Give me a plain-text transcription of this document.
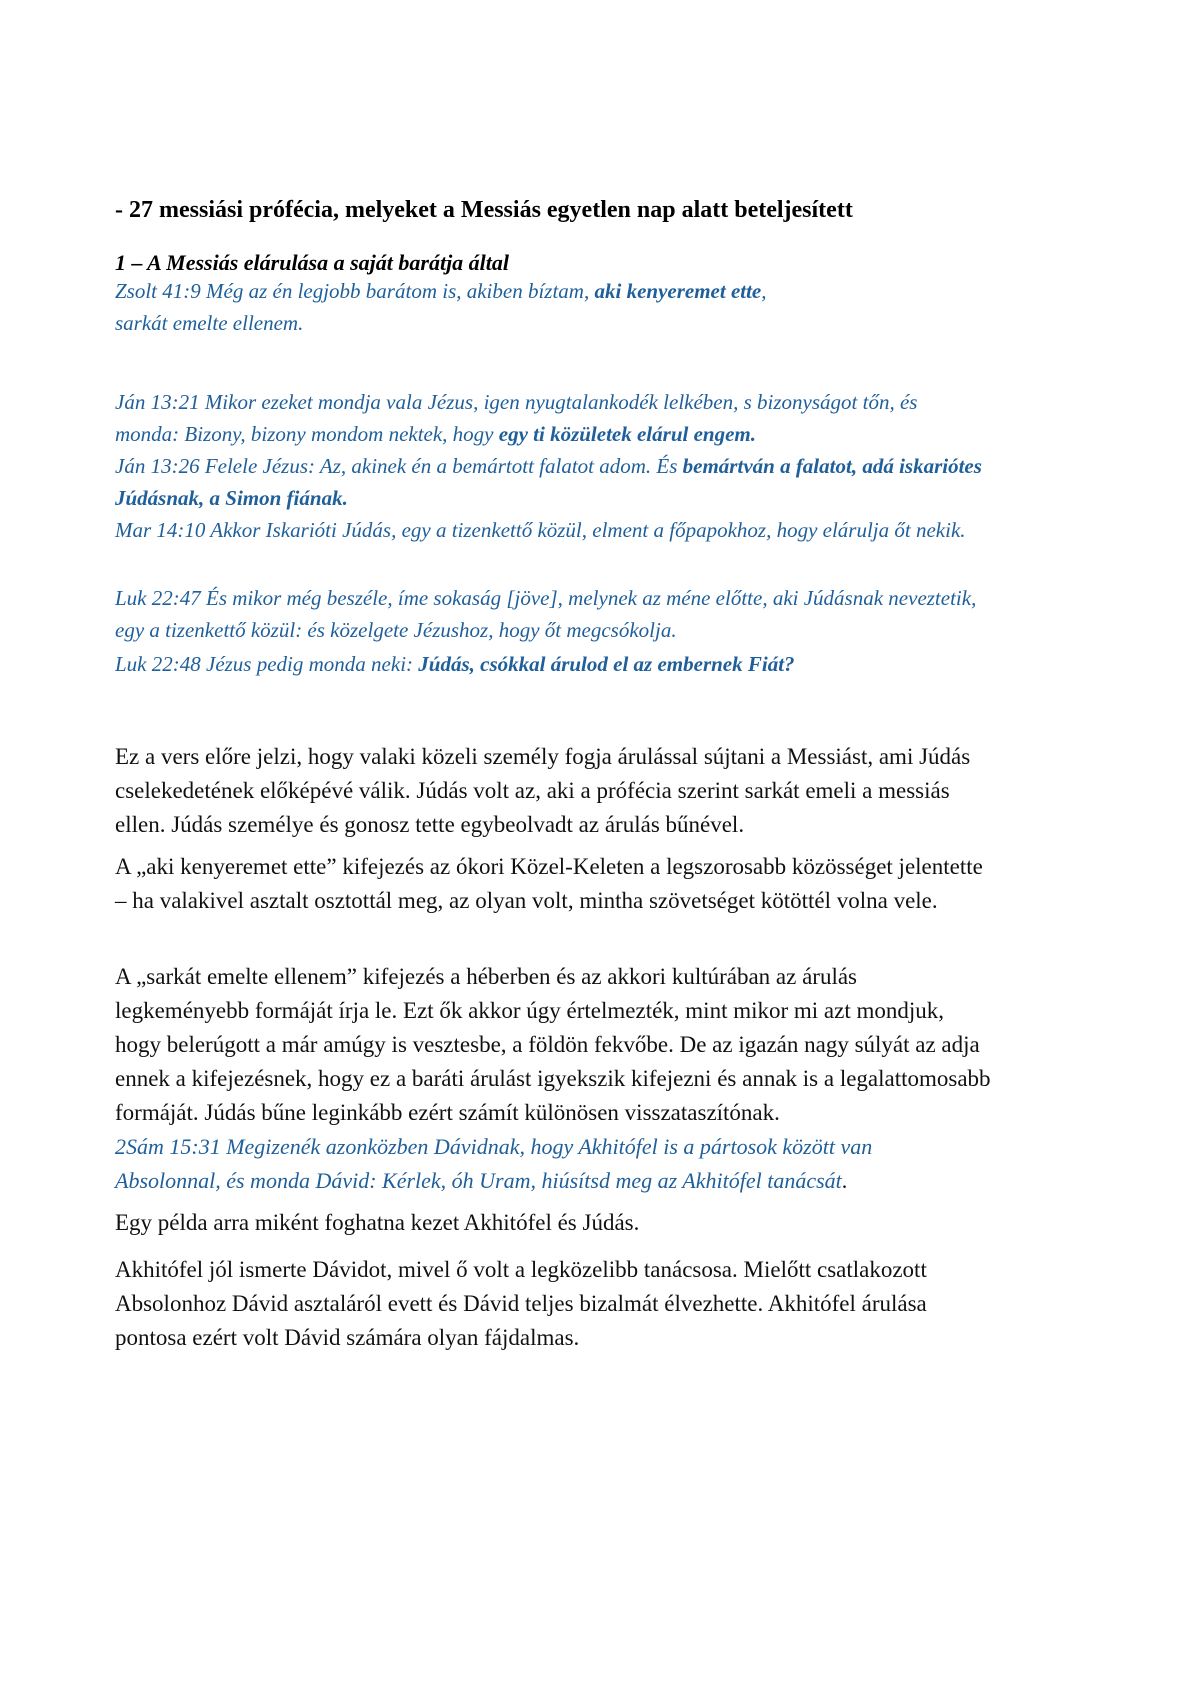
- 27 messiási prófécia, melyeket a Messiás egyetlen nap alatt beteljesített
1 – A Messiás elárulása a saját barátja által
Zsolt 41:9 Még az én legjobb barátom is, akiben bíztam, aki kenyeremet ette, sarkát emelte ellenem.
Ján 13:21 Mikor ezeket mondja vala Jézus, igen nyugtalankodék lelkében, s bizonyságot tőn, és monda: Bizony, bizony mondom nektek, hogy egy ti közületek elárul engem.
Ján 13:26 Felele Jézus: Az, akinek én a bemártott falatot adom. És bemártván a falatot, adá iskariótes Júdásnak, a Simon fiának.
Mar 14:10 Akkor Iskarióti Júdás, egy a tizenkettő közül, elment a főpapokhoz, hogy elárulja őt nekik.
Luk 22:47 És mikor még beszéle, íme sokaság [jöve], melynek az méne előtte, aki Júdásnak neveztetik, egy a tizenkettő közül: és közelgete Jézushoz, hogy őt megcsókolja.
Luk 22:48 Jézus pedig monda neki: Júdás, csókkal árulod el az embernek Fiát?
Ez a vers előre jelzi, hogy valaki közeli személy fogja árulással sújtani a Messiást, ami Júdás cselekedetének előképévé válik. Júdás volt az, aki a prófécia szerint sarkát emeli a messiás ellen. Júdás személye és gonosz tette egybeolvadt az árulás bűnével.
A „aki kenyeremet ette” kifejezés az ókori Közel-Keleten a legszorosabb közösséget jelentette – ha valakivel asztalt osztottál meg, az olyan volt, mintha szövetséget kötöttél volna vele.
A „sarkát emelte ellenem” kifejezés a héberben és az akkori kultúrában az árulás legkeményebb formáját írja le. Ezt ők akkor úgy értelmezték, mint mikor mi azt mondjuk, hogy belerúgott a már amúgy is vesztesbe, a földön fekvőbe. De az igazán nagy súlyát az adja ennek a kifejezésnek, hogy ez a baráti árulást igyekszik kifejezni és annak is a legalattomosabb formáját. Júdás bűne leginkább ezért számít különösen visszataszítónak.
2Sám 15:31 Megizenék azonközben Dávidnak, hogy Akhitófel is a pártosok között van Absolonnal, és monda Dávid: Kérlek, óh Uram, hiúsítsd meg az Akhitófel tanácsát.
Egy példa arra miként foghatna kezet Akhitófel és Júdás.
Akhitófel jól ismerte Dávidot, mivel ő volt a legközelibb tanácsosa. Mielőtt csatlakozott Absolonhoz Dávid asztaláról evett és Dávid teljes bizalmát élvezhette. Akhitófel árulása pontosa ezért volt Dávid számára olyan fájdalmas.
